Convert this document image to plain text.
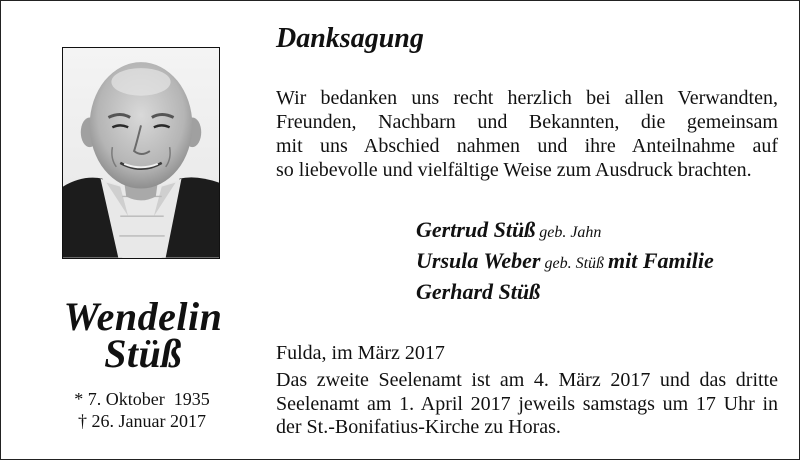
Wendelin
Stüß
* 7. Oktober  1935
† 26. Januar 2017
Danksagung
Wir bedanken uns recht herzlich bei allen Verwandten,
Freunden, Nachbarn und Bekannten, die gemeinsam
mit uns Abschied nahmen und ihre Anteilnahme auf
so liebevolle und vielfältige Weise zum Ausdruck brachten.
Gertrud Stüß geb. Jahn
Ursula Weber geb. Stüß mit Familie
Gerhard Stüß
Fulda, im März 2017
Das zweite Seelenamt ist am 4. März 2017 und das dritte
Seelenamt am 1. April 2017 jeweils samstags um 17 Uhr in
der St.-Bonifatius-Kirche zu Horas.
